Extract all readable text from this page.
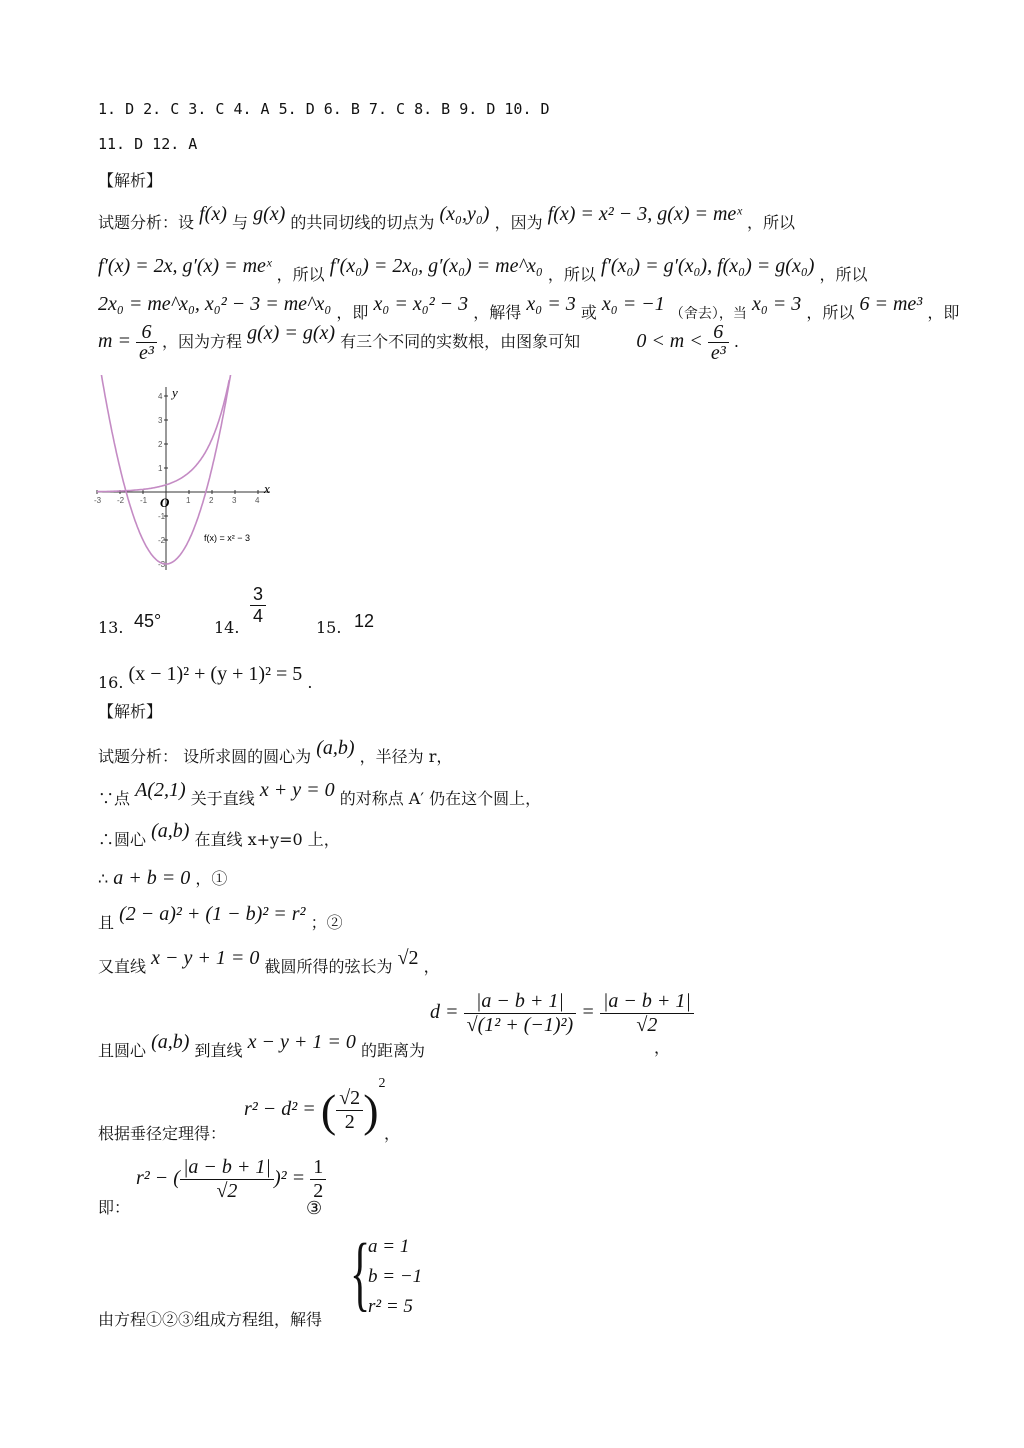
1. D 2. C 3. C 4. A 5. D 6. B 7. C 8. B 9. D 10. D
11. D 12. A
【解析】
试题分析：设 f(x) 与 g(x) 的共同切线的切点为 (x₀,y₀) ，因为 f(x) = x² − 3, g(x) = meˣ ，所以
f′(x) = 2x, g′(x) = meˣ ，所以 f′(x₀) = 2x₀, g′(x₀) = me^x₀ ，所以 f′(x₀) = g′(x₀), f(x₀) = g(x₀) ，所以
2x₀ = me^x₀, x₀² − 3 = me^x₀ ，即 x₀ = x₀² − 3 ，解得 x₀ = 3 或 x₀ = −1 （舍去），当 x₀ = 3 ，所以 6 = me³ ，即
$m = \frac{6}{\text{e³}}$ ，因为方程 g(x) = g(x) 有三个不同的实数根，由图象可知	$0 < m < \frac{6}{\text{e³}}$ .
y
x
O
-3 -2 -1	1 2 3 4
4
3
2
1
-1
-2
-3
f(x) = x² − 3
13. 45°	14.
$\frac{3}{4}$
15. 12
16. (x − 1)² + (y + 1)² = 5 .
【解析】
试题分析： 设所求圆的圆心为 (a,b) ，半径为 r，
∵点 A(2,1) 关于直线 x + y = 0 的对称点 A′ 仍在这个圆上，
∴圆心 (a,b) 在直线 x+y=0 上，
∴ a + b = 0 ，①
且 (2 − a)² + (1 − b)² = r² ；②
又直线 x − y + 1 = 0 截圆所得的弦长为 √2 ，
且圆心 (a,b) 到直线 x − y + 1 = 0 的距离为
$d = \frac{|a - b + 1|}{\text{√(1² + (−1)²)}} = \frac{|a - b + 1|}{√2}$
，
根据垂径定理得：
r² − d² = ( $\frac{√2}{2} )2$
，
即：
r² − ( $\frac{|a - b + 1|}{√2} )^2 = \frac{1}{2}$
③
由方程①②③组成方程组，解得 {
a = 1
b = −1
r² = 5
